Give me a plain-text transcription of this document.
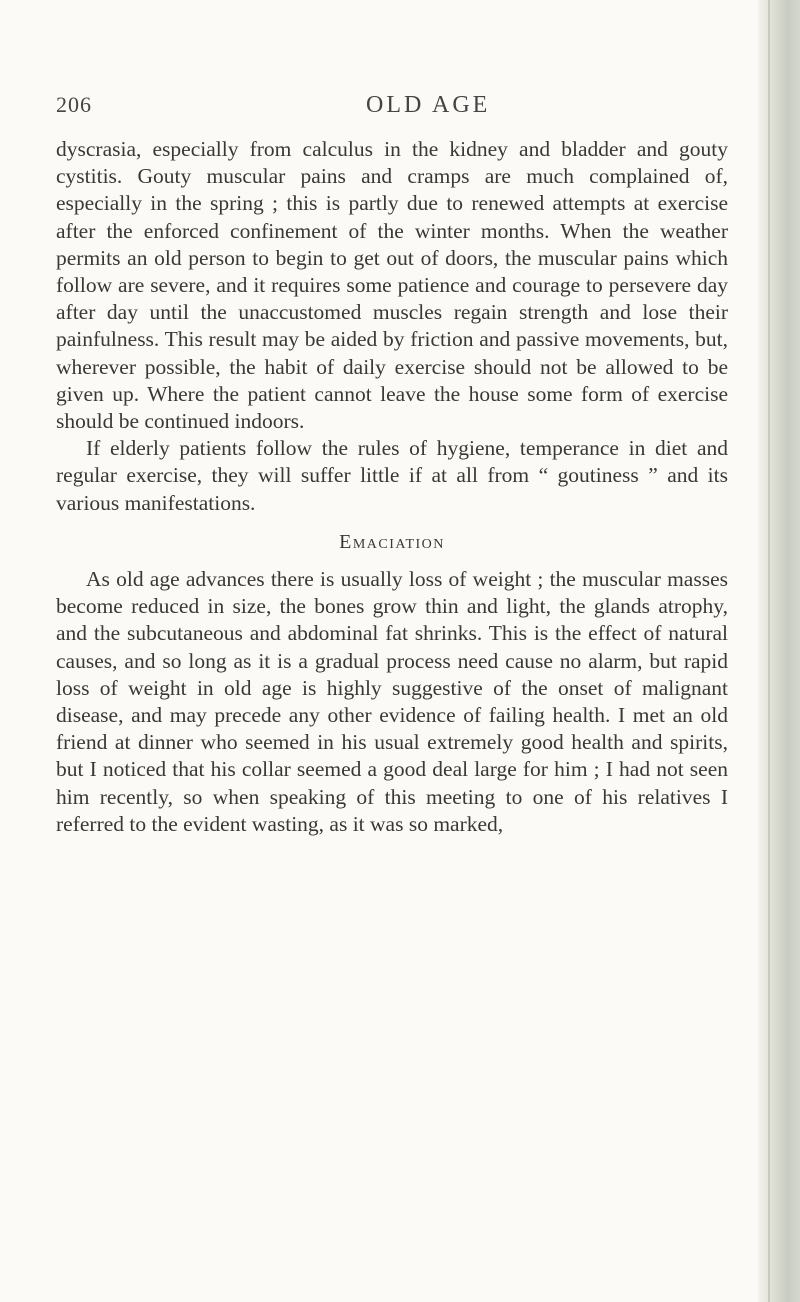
206	OLD AGE

dyscrasia, especially from calculus in the kidney and bladder and gouty cystitis. Gouty muscular pains and cramps are much complained of, especially in the spring ; this is partly due to renewed attempts at exercise after the enforced confinement of the winter months. When the weather permits an old person to begin to get out of doors, the muscular pains which follow are severe, and it requires some patience and courage to persevere day after day until the unaccustomed muscles regain strength and lose their painfulness. This result may be aided by friction and passive movements, but, wherever possible, the habit of daily exercise should not be allowed to be given up. Where the patient cannot leave the house some form of exercise should be continued indoors.

If elderly patients follow the rules of hygiene, temperance in diet and regular exercise, they will suffer little if at all from “ goutiness ” and its various manifestations.

Emaciation

As old age advances there is usually loss of weight ; the muscular masses become reduced in size, the bones grow thin and light, the glands atrophy, and the subcutaneous and abdominal fat shrinks. This is the effect of natural causes, and so long as it is a gradual process need cause no alarm, but rapid loss of weight in old age is highly suggestive of the onset of malignant disease, and may precede any other evidence of failing health. I met an old friend at dinner who seemed in his usual extremely good health and spirits, but I noticed that his collar seemed a good deal large for him ; I had not seen him recently, so when speaking of this meeting to one of his relatives I referred to the evident wasting, as it was so marked,
